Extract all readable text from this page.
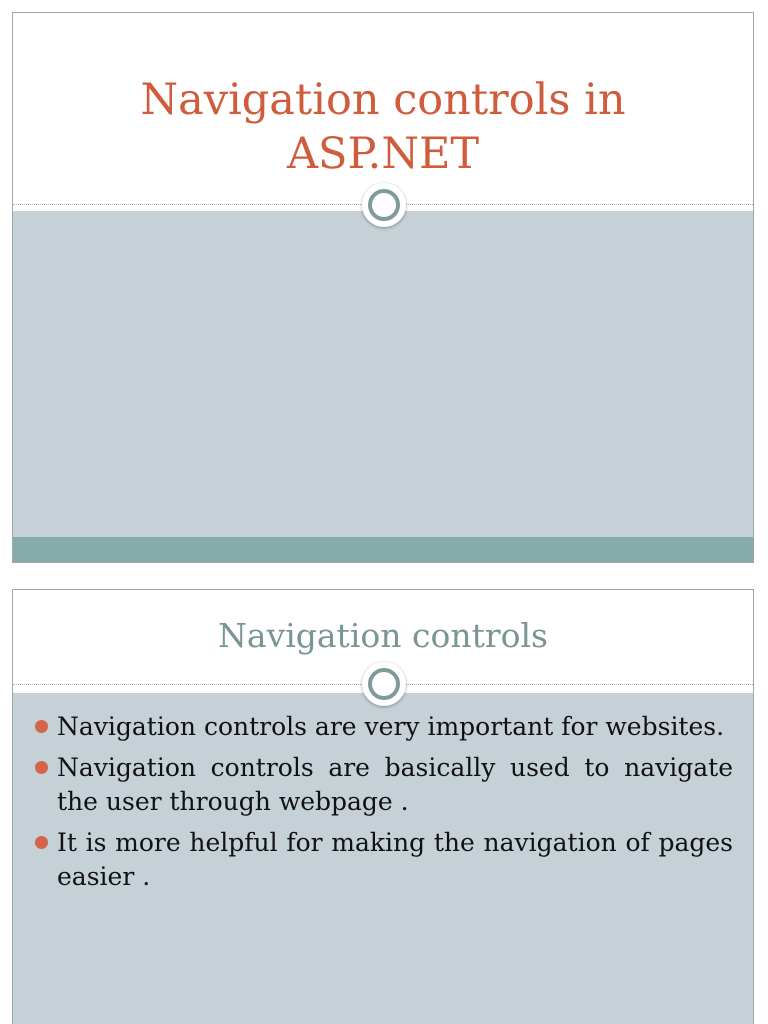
Navigation controls in
ASP.NET
Navigation controls
Navigation controls are very important for websites.
Navigation controls are basically used to navigate the user through webpage .
It is more helpful for making the navigation of pages easier .
